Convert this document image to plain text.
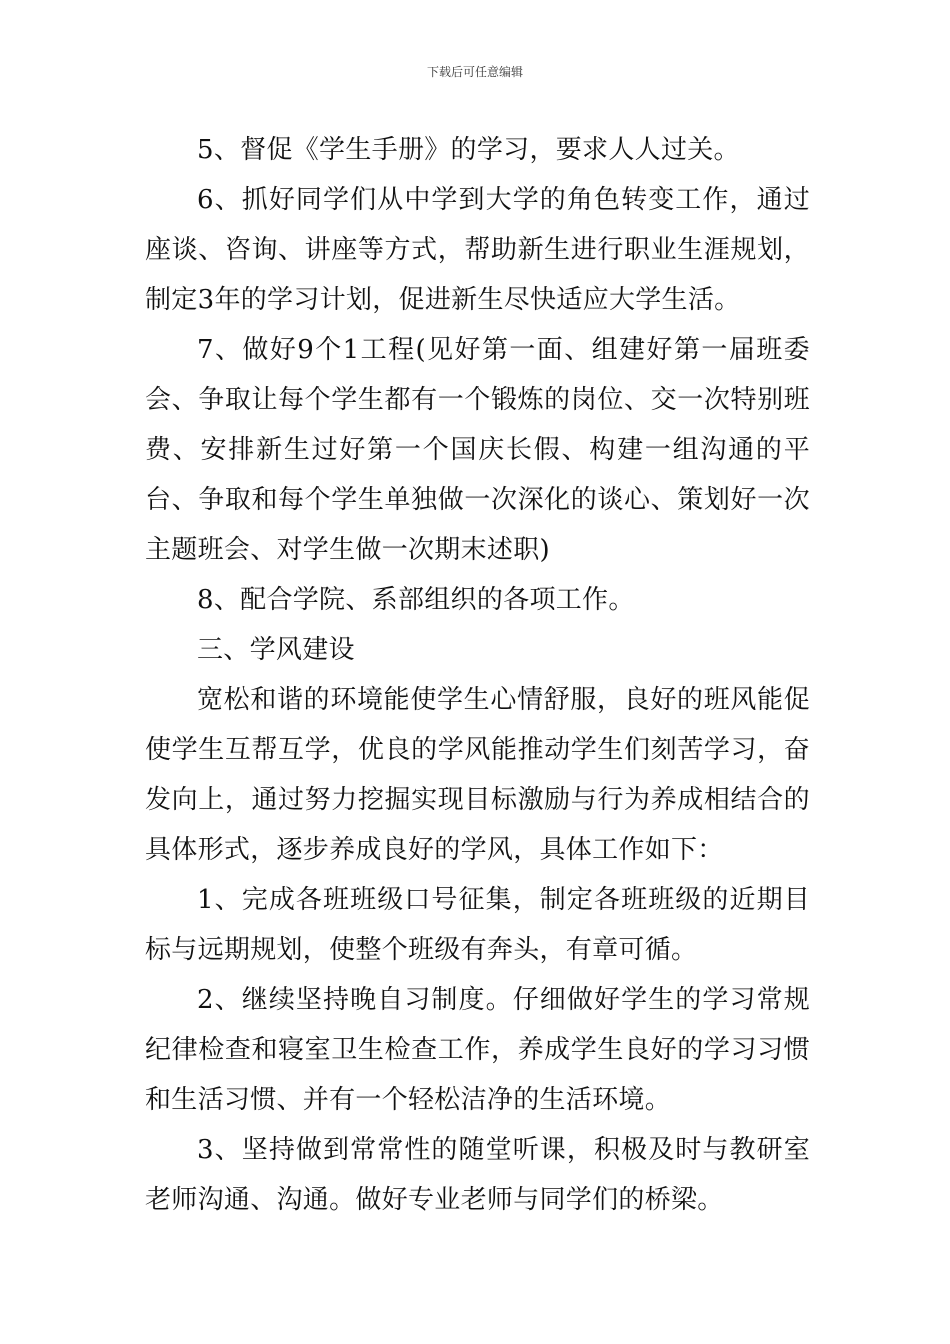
下载后可任意编辑

5、督促《学生手册》的学习，要求人人过关。

6、抓好同学们从中学到大学的角色转变工作，通过座谈、咨询、讲座等方式，帮助新生进行职业生涯规划，制定3年的学习计划，促进新生尽快适应大学生活。

7、做好9个1工程(见好第一面、组建好第一届班委会、争取让每个学生都有一个锻炼的岗位、交一次特别班费、安排新生过好第一个国庆长假、构建一组沟通的平台、争取和每个学生单独做一次深化的谈心、策划好一次主题班会、对学生做一次期末述职)

8、配合学院、系部组织的各项工作。

三、学风建设

宽松和谐的环境能使学生心情舒服，良好的班风能促使学生互帮互学，优良的学风能推动学生们刻苦学习，奋发向上，通过努力挖掘实现目标激励与行为养成相结合的具体形式，逐步养成良好的学风，具体工作如下：

1、完成各班班级口号征集，制定各班班级的近期目标与远期规划，使整个班级有奔头，有章可循。

2、继续坚持晚自习制度。仔细做好学生的学习常规纪律检查和寝室卫生检查工作，养成学生良好的学习习惯和生活习惯、并有一个轻松洁净的生活环境。

3、坚持做到常常性的随堂听课，积极及时与教研室老师沟通、沟通。做好专业老师与同学们的桥梁。
